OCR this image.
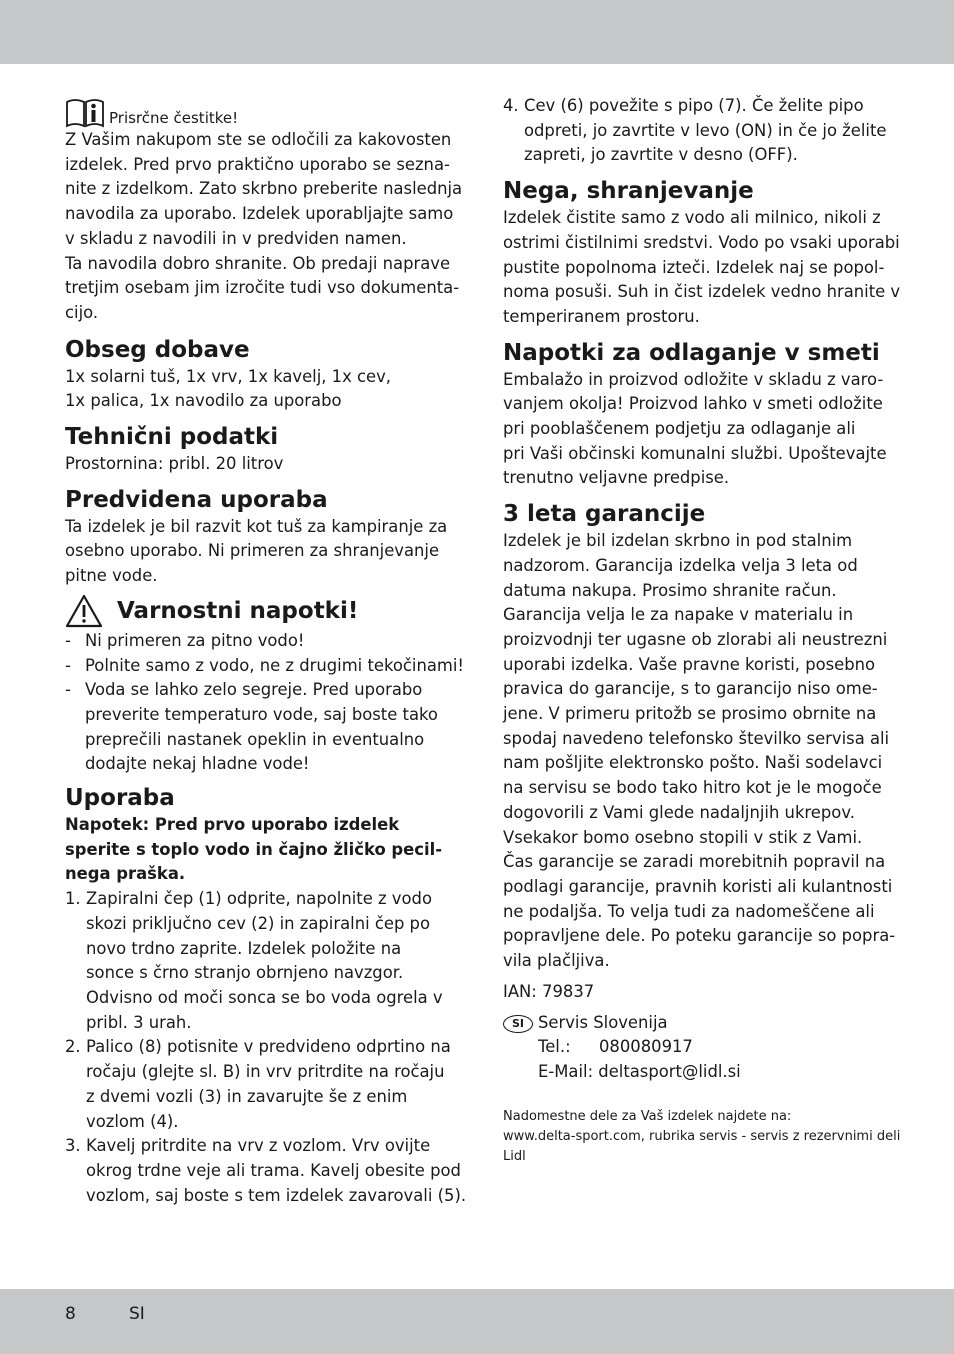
Prisrčne čestitke!
Z Vašim nakupom ste se odločili za kakovosten
izdelek. Pred prvo praktično uporabo se sezna-
nite z izdelkom. Zato skrbno preberite naslednja
navodila za uporabo. Izdelek uporabljajte samo
v skladu z navodili in v predviden namen.
Ta navodila dobro shranite. Ob predaji naprave
tretjim osebam jim izročite tudi vso dokumenta-
cijo.
Obseg dobave
1x solarni tuš, 1x vrv, 1x kavelj, 1x cev,
1x palica, 1x navodilo za uporabo
Tehnični podatki
Prostornina: pribl. 20 litrov
Predvidena uporaba
Ta izdelek je bil razvit kot tuš za kampiranje za
osebno uporabo. Ni primeren za shranjevanje
pitne vode.
Varnostni napotki!
- Ni primeren za pitno vodo!
- Polnite samo z vodo, ne z drugimi tekočinami!
- Voda se lahko zelo segreje. Pred uporabo
preverite temperaturo vode, saj boste tako
preprečili nastanek opeklin in eventualno
dodajte nekaj hladne vode!
Uporaba
Napotek: Pred prvo uporabo izdelek
sperite s toplo vodo in čajno žličko pecil-
nega praška.
1. Zapiralni čep (1) odprite, napolnite z vodo
skozi priključno cev (2) in zapiralni čep po
novo trdno zaprite. Izdelek položite na
sonce s črno stranjo obrnjeno navzgor.
Odvisno od moči sonca se bo voda ogrela v
pribl. 3 urah.
2. Palico (8) potisnite v predvideno odprtino na
ročaju (glejte sl. B) in vrv pritrdite na ročaju
z dvemi vozli (3) in zavarujte še z enim
vozlom (4).
3. Kavelj pritrdite na vrv z vozlom. Vrv ovijte
okrog trdne veje ali trama. Kavelj obesite pod
vozlom, saj boste s tem izdelek zavarovali (5).
4. Cev (6) povežite s pipo (7). Če želite pipo
odpreti, jo zavrtite v levo (ON) in če jo želite
zapreti, jo zavrtite v desno (OFF).
Nega, shranjevanje
Izdelek čistite samo z vodo ali milnico, nikoli z
ostrimi čistilnimi sredstvi. Vodo po vsaki uporabi
pustite popolnoma izteči. Izdelek naj se popol-
noma posuši. Suh in čist izdelek vedno hranite v
temperiranem prostoru.
Napotki za odlaganje v smeti
Embalažo in proizvod odložite v skladu z varo-
vanjem okolja! Proizvod lahko v smeti odložite
pri pooblaščenem podjetju za odlaganje ali
pri Vaši občinski komunalni službi. Upoštevajte
trenutno veljavne predpise.
3 leta garancije
Izdelek je bil izdelan skrbno in pod stalnim
nadzorom. Garancija izdelka velja 3 leta od
datuma nakupa. Prosimo shranite račun.
Garancija velja le za napake v materialu in
proizvodnji ter ugasne ob zlorabi ali neustrezni
uporabi izdelka. Vaše pravne koristi, posebno
pravica do garancije, s to garancijo niso ome-
jene. V primeru pritožb se prosimo obrnite na
spodaj navedeno telefonsko številko servisa ali
nam pošljite elektronsko pošto. Naši sodelavci
na servisu se bodo tako hitro kot je le mogoče
dogovorili z Vami glede nadaljnjih ukrepov.
Vsekakor bomo osebno stopili v stik z Vami.
Čas garancije se zaradi morebitnih popravil na
podlagi garancije, pravnih koristi ali kulantnosti
ne podaljša. To velja tudi za nadomeščene ali
popravljene dele. Po poteku garancije so popra-
vila plačljiva.
IAN: 79837
SI Servis Slovenija
Tel.:	080080917
E-Mail: deltasport@lidl.si
Nadomestne dele za Vaš izdelek najdete na:
www.delta-sport.com, rubrika servis - servis z rezervnimi deli
Lidl
8	SI
